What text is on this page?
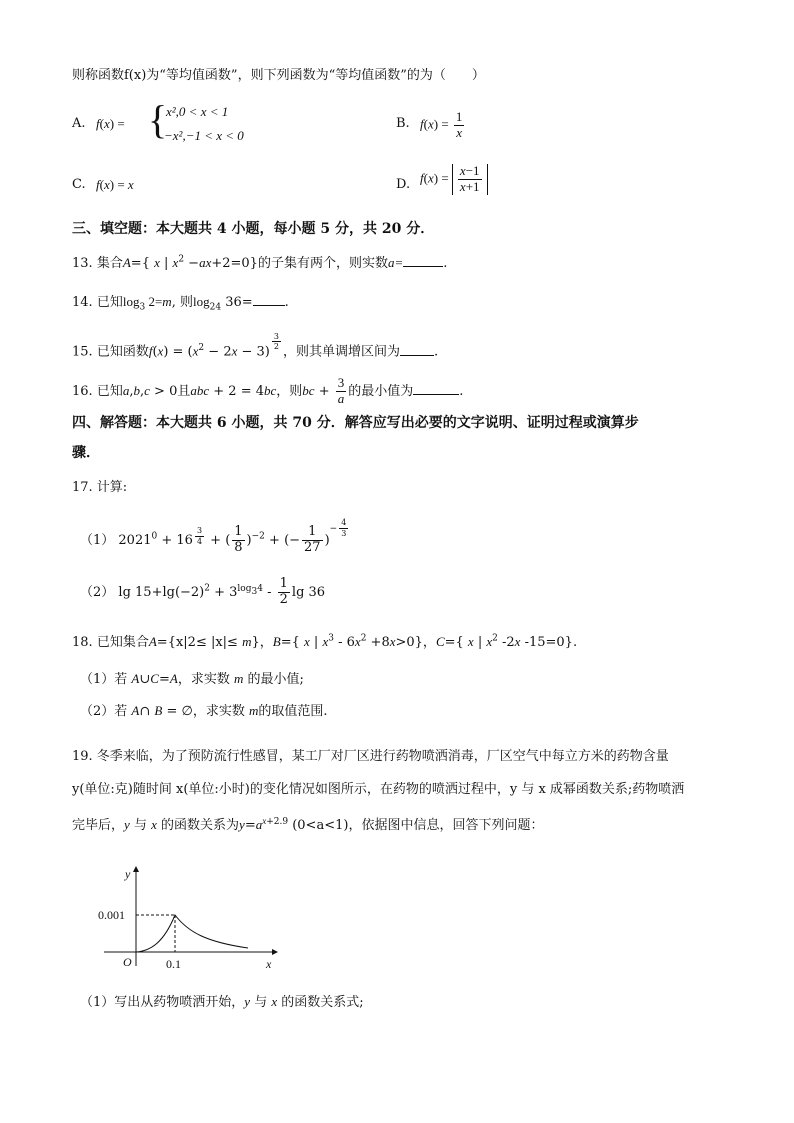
则称函数f(x)为“等均值函数”，则下列函数为“等均值函数”的为（　　）
A. f(x) = {
x²,0 < x < 1
−x²,−1 < x < 0
B. $f(x) = \frac{1}{x}$
C. f(x) = x	D. $f(x) = \frac{x-1}{x+1}$
三、填空题：本大题共 4 小题，每小题 5 分，共 20 分．
13. 集合A={ x | $x^2 -ax+2=0$}的子集有两个，则实数a=	.
14. 已知$\log_3 2=m$, 则$\log_{24} 36=$ .
15. 已知函数$f(x) = (x^2 - 2x - 3)$
$^{\frac{3}{2}}$
，则其单调增区间为	.
16. 已知a,b,c > 0且abc + 2 = 4bc，则bc + $\frac{3}{a}$ 的最小值为	.
四、解答题：本大题共 6 小题，共 70 分．解答应写出必要的文字说明、证明过程或演算步
骤．
17. 计算:
（1） $2021^0 + 16$ $^{\frac{3}{4}}$ + ( $\frac{1}{8} )^{-2}$ + (− $\frac{1}{27} )^{- \frac{4}{3}}$
（2） $\lg 15+\lg(-2)^2 + 3^{log_34} - \frac{1}{2}$ lg 36
18. 已知集合A={x|2≤ |x|≤ m}，B={ x | $x^3 - 6x^2 +8x>0$}，C={ x | $x^2$ -2x -15=0}.
（1）若 A∪C=A，求实数 m 的最小值;
（2）若 A∩ B = ∅，求实数 m的取值范围.
19. 冬季来临，为了预防流行性感冒，某工厂对厂区进行药物喷洒消毒，厂区空气中每立方米的药物含量
y(单位:克)随时间 x(单位:小时)的变化情况如图所示，在药物的喷洒过程中，y 与 x 成幂函数关系;药物喷洒
完毕后，y 与 x 的函数关系为$y=a^{x+2.9}$ (0<a<1)，依据图中信息，回答下列问题：
y
x
O
0.001
0.1
（1）写出从药物喷洒开始，y 与 x 的函数关系式;
